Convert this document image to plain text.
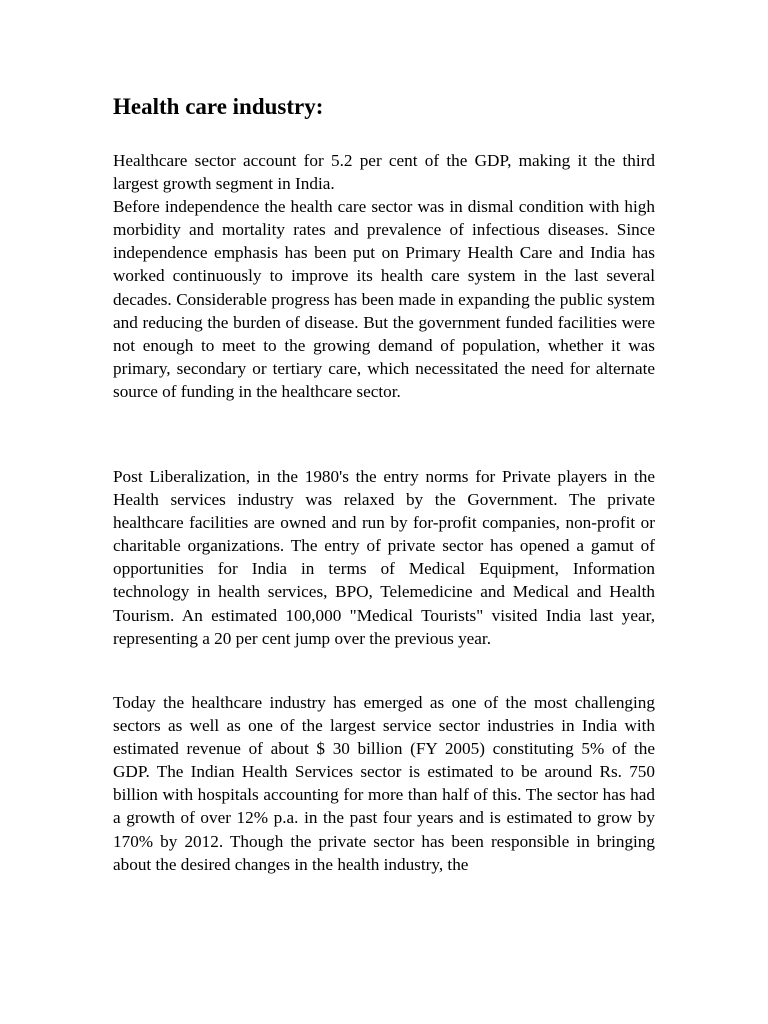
Health care industry:

Healthcare sector account for 5.2 per cent of the GDP, making it the third largest growth segment in India.

Before independence the health care sector was in dismal condition with high morbidity and mortality rates and prevalence of infectious diseases. Since independence emphasis has been put on Primary Health Care and India has worked continuously to improve its health care system in the last several decades. Considerable progress has been made in expanding the public system and reducing the burden of disease. But the government funded facilities were not enough to meet to the growing demand of population, whether it was primary, secondary or tertiary care, which necessitated the need for alternate source of funding in the healthcare sector.

Post Liberalization, in the 1980's the entry norms for Private players in the Health services industry was relaxed by the Government. The private healthcare facilities are owned and run by for-profit companies, non-profit or charitable organizations. The entry of private sector has opened a gamut of opportunities for India in terms of Medical Equipment, Information technology in health services, BPO, Telemedicine and Medical and Health Tourism. An estimated 100,000 "Medical Tourists" visited India last year, representing a 20 per cent jump over the previous year.

Today the healthcare industry has emerged as one of the most challenging sectors as well as one of the largest service sector industries in India with estimated revenue of about $ 30 billion (FY 2005) constituting 5% of the GDP. The Indian Health Services sector is estimated to be around Rs. 750 billion with hospitals accounting for more than half of this. The sector has had a growth of over 12% p.a. in the past four years and is estimated to grow by 170% by 2012. Though the private sector has been responsible in bringing about the desired changes in the health industry, the
